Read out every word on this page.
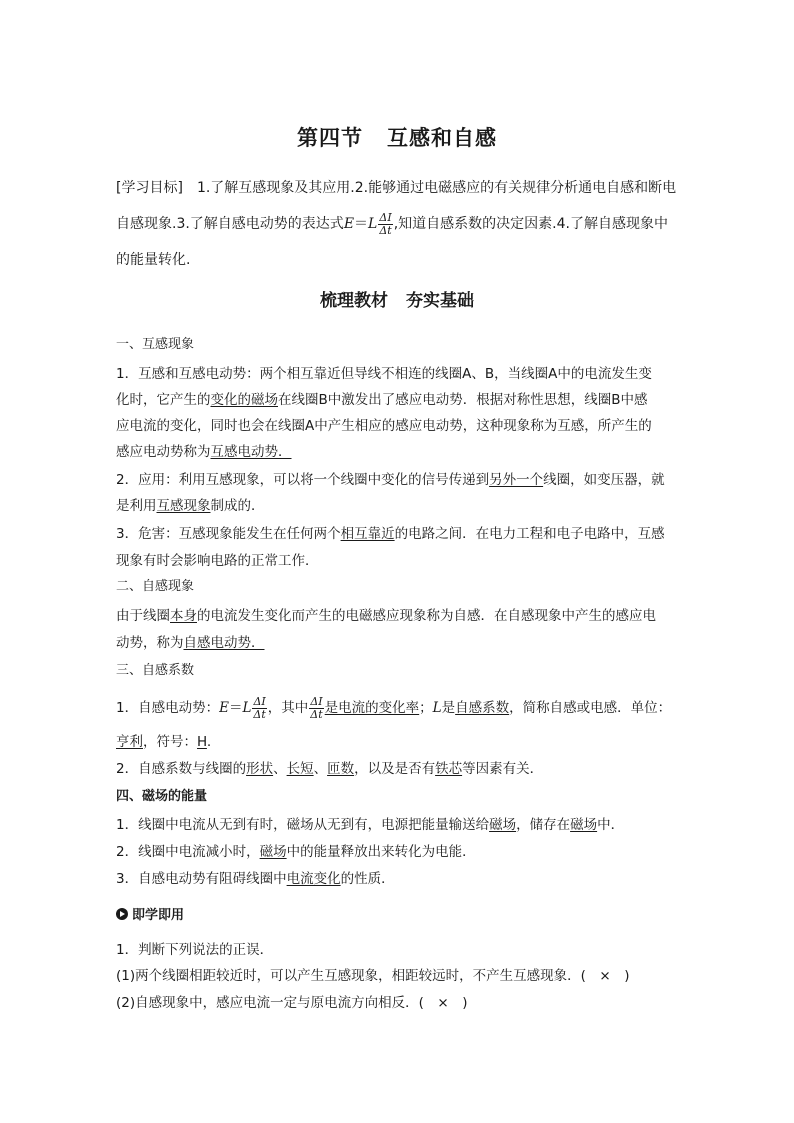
第四节 互感和自感
[学习目标] 1.了解互感现象及其应用.2.能够通过电磁感应的有关规律分析通电自感和断电自感现象.3.了解自感电动势的表达式$E=L \frac{\Delta I}{\Delta t}$ ,知道自感系数的决定因素.4.了解自感现象中的能量转化.
梳理教材 夯实基础
一、互感现象
1．互感和互感电动势：两个相互靠近但导线不相连的线圈A、B，当线圈A中的电流发生变
化时，它产生的变化的磁场在线圈B中激发出了感应电动势．根据对称性思想，线圈B中感
应电流的变化，同时也会在线圈A中产生相应的感应电动势，这种现象称为互感，所产生的
感应电动势称为互感电动势．
2．应用：利用互感现象，可以将一个线圈中变化的信号传递到另外一个线圈，如变压器，就
是利用互感现象制成的．
3．危害：互感现象能发生在任何两个相互靠近的电路之间．在电力工程和电子电路中，互感
现象有时会影响电路的正常工作．
二、自感现象
由于线圈本身的电流发生变化而产生的电磁感应现象称为自感．在自感现象中产生的感应电
动势，称为自感电动势．
三、自感系数
1．自感电动势：$E=L \frac{\Delta I}{\Delta t}$ ，其中 $\frac{\Delta I}{\Delta t}$ 是电流的变化率；L是自感系数，简称自感或电感．单位：
亨利，符号：H.
2．自感系数与线圈的形状、长短、匝数，以及是否有铁芯等因素有关．
四、磁场的能量
1．线圈中电流从无到有时，磁场从无到有，电源把能量输送给磁场，储存在磁场中．
2．线圈中电流减小时，磁场中的能量释放出来转化为电能．
3．自感电动势有阻碍线圈中电流变化的性质．
即学即用
1．判断下列说法的正误．
(1)两个线圈相距较近时，可以产生互感现象，相距较远时，不产生互感现象．(　×　)
(2)自感现象中，感应电流一定与原电流方向相反．(　×　)
